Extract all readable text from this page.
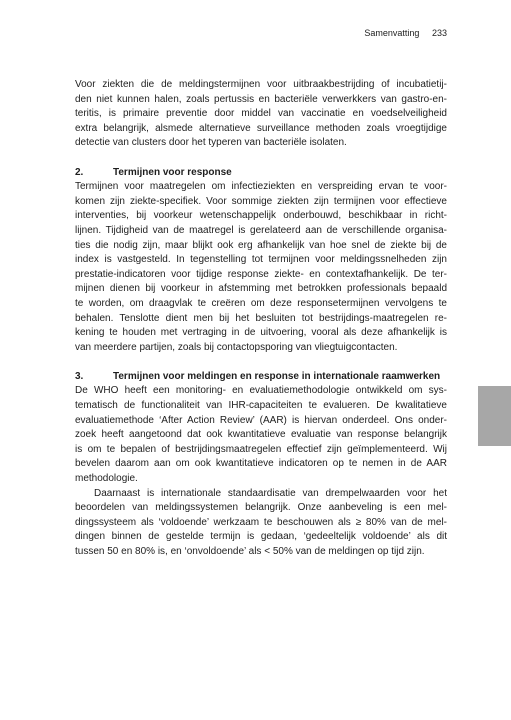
Samenvatting 233
Voor ziekten die de meldingstermijnen voor uitbraakbestrijding of incubatietij-
den niet kunnen halen, zoals pertussis en bacteriële verwerkkers van gastro-en-
teritis, is primaire preventie door middel van vaccinatie en voedselveiligheid
extra belangrijk, alsmede alternatieve surveillance methoden zoals vroegtijdige
detectie van clusters door het typeren van bacteriële isolaten.
2.	Termijnen voor response
Termijnen voor maatregelen om infectieziekten en verspreiding ervan te voor-
komen zijn ziekte-specifiek. Voor sommige ziekten zijn termijnen voor effectieve
interventies, bij voorkeur wetenschappelijk onderbouwd, beschikbaar in richt-
lijnen. Tijdigheid van de maatregel is gerelateerd aan de verschillende organisa-
ties die nodig zijn, maar blijkt ook erg afhankelijk van hoe snel de ziekte bij de
index is vastgesteld. In tegenstelling tot termijnen voor meldingssnelheden zijn
prestatie-indicatoren voor tijdige response ziekte- en contextafhankelijk. De ter-
mijnen dienen bij voorkeur in afstemming met betrokken professionals bepaald
te worden, om draagvlak te creëren om deze responsetermijnen vervolgens te
behalen. Tenslotte dient men bij het besluiten tot bestrijdings-maatregelen re-
kening te houden met vertraging in de uitvoering, vooral als deze afhankelijk is
van meerdere partijen, zoals bij contactopsporing van vliegtuigcontacten.
3.	Termijnen voor meldingen en response in internationale raamwerken
De WHO heeft een monitoring- en evaluatiemethodologie ontwikkeld om sys-
tematisch de functionaliteit van IHR-capaciteiten te evalueren. De kwalitatieve
evaluatiemethode ‘After Action Review’ (AAR) is hiervan onderdeel. Ons onder-
zoek heeft aangetoond dat ook kwantitatieve evaluatie van response belangrijk
is om te bepalen of bestrijdingsmaatregelen effectief zijn geïmplementeerd. Wij
bevelen daarom aan om ook kwantitatieve indicatoren op te nemen in de AAR
methodologie.
Daarnaast is internationale standaardisatie van drempelwaarden voor het
beoordelen van meldingssystemen belangrijk. Onze aanbeveling is een mel-
dingssysteem als ‘voldoende’ werkzaam te beschouwen als ≥ 80% van de mel-
dingen binnen de gestelde termijn is gedaan, ‘gedeeltelijk voldoende’ als dit
tussen 50 en 80% is, en ‘onvoldoende’ als < 50% van de meldingen op tijd zijn.
